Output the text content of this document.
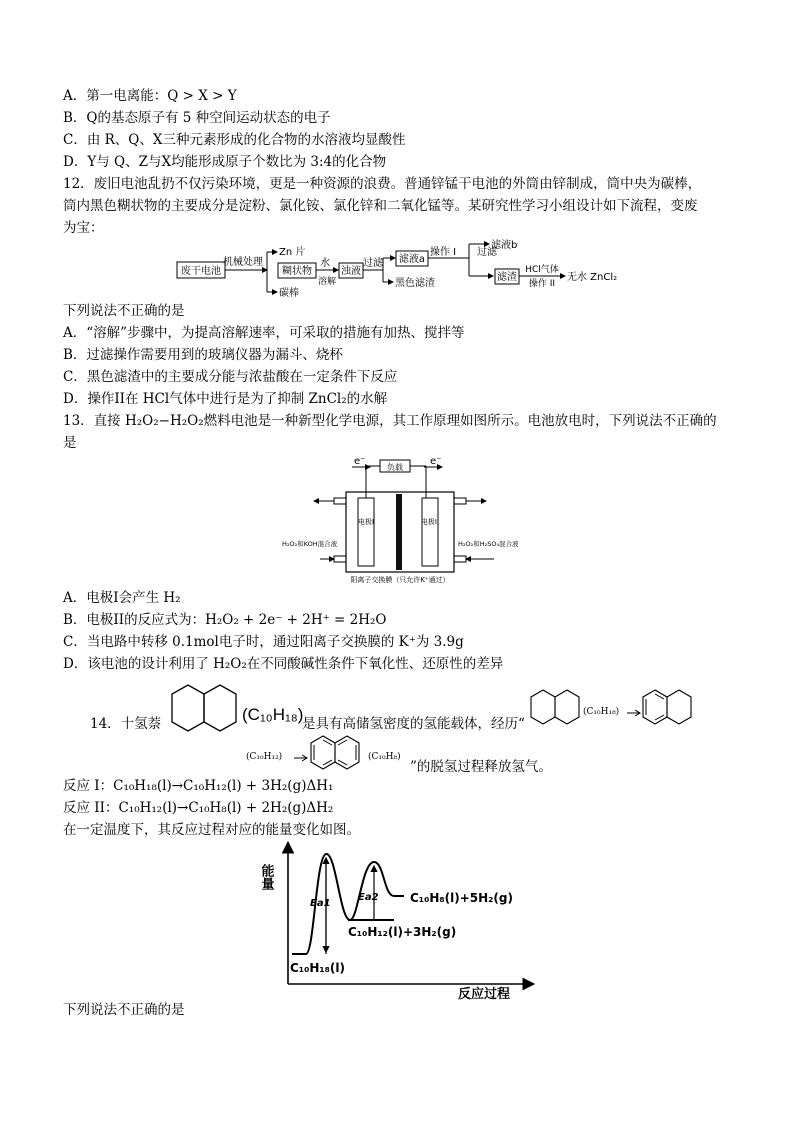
A．第一电离能：Q > X > Y
B．Q的基态原子有 5 种空间运动状态的电子
C．由 R、Q、X三种元素形成的化合物的水溶液均显酸性
D．Y与 Q、Z与X均能形成原子个数比为 3:4的化合物
12．废旧电池乱扔不仅污染环境，更是一种资源的浪费。普通锌锰干电池的外筒由锌制成，筒中央为碳棒，
筒内黑色糊状物的主要成分是淀粉、氯化铵、氯化锌和二氧化锰等。某研究性学习小组设计如下流程，变废
为宝：
废干电池
机械处理
Zn 片
碳棒
糊状物
水
溶解
浊液
过滤 滤液a
黑色滤渣
操作 I 过滤
滤液b
滤渣
HCl气体
操作 II
无水 ZnCl₂
下列说法不正确的是
A．“溶解”步骤中，为提高溶解速率，可采取的措施有加热、搅拌等
B．过滤操作需要用到的玻璃仪器为漏斗、烧杯
C．黑色滤渣中的主要成分能与浓盐酸在一定条件下反应
D．操作II在 HCl气体中进行是为了抑制 ZnCl₂的水解
13．直接 H₂O₂−H₂O₂燃料电池是一种新型化学电源，其工作原理如图所示。电池放电时，下列说法不正确的
是
负载
e⁻	e⁻
电极I	电极II
H₂O₂和KOH混合液	H₂O₂和H₂SO₄混合液
阳离子交换膜（只允许K⁺通过）
A．电极I会产生 H₂
B．电极II的反应式为：H₂O₂ + 2e⁻ + 2H⁺ = 2H₂O
C．当电路中转移 0.1mol电子时，通过阳离子交换膜的 K⁺为 3.9g
D．该电池的设计利用了 H₂O₂在不同酸碱性条件下氧化性、还原性的差异
14．十氢萘	(C₁₀H₁₈)
是具有高储氢密度的氢能载体，经历“
(C₁₀H₁₈)
(C₁₀H₁₂)	(C₁₀H₈)
”的脱氢过程释放氢气。
反应 I：C₁₀H₁₈(l)→C₁₀H₁₂(l) + 3H₂(g)ΔH₁
反应 II：C₁₀H₁₂(l)→C₁₀H₈(l) + 2H₂(g)ΔH₂
在一定温度下，其反应过程对应的能量变化如图。
能量
反应过程
Ea1
Ea2
C₁₀H₁₈(l)
C₁₀H₁₂(l)+3H₂(g)
C₁₀H₈(l)+5H₂(g)
下列说法不正确的是
